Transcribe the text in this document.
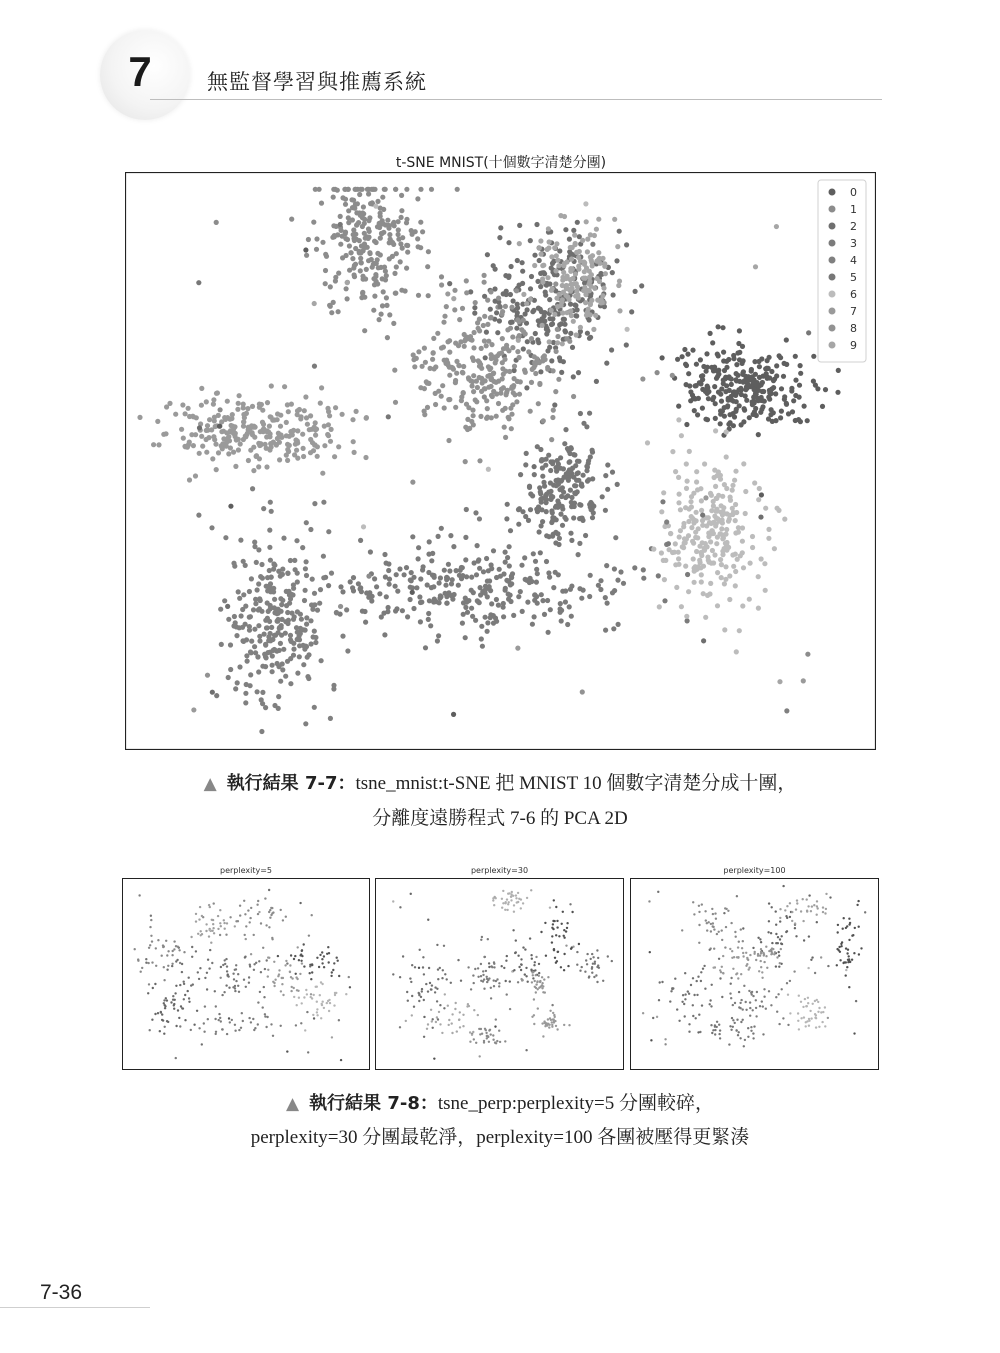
7	無監督學習與推薦系統
t-SNE MNIST(十個數字清楚分團)
0
1
2
3
4
5
6
7
8
9
▲ 執行結果 7-7：tsne_mnist:t-SNE 把 MNIST 10 個數字清楚分成十團，
分離度遠勝程式 7-6 的 PCA 2D
perplexity=5	perplexity=30	perplexity=100
▲ 執行結果 7-8：tsne_perp:perplexity=5 分團較碎，
perplexity=30 分團最乾淨，perplexity=100 各團被壓得更緊湊
7-36
